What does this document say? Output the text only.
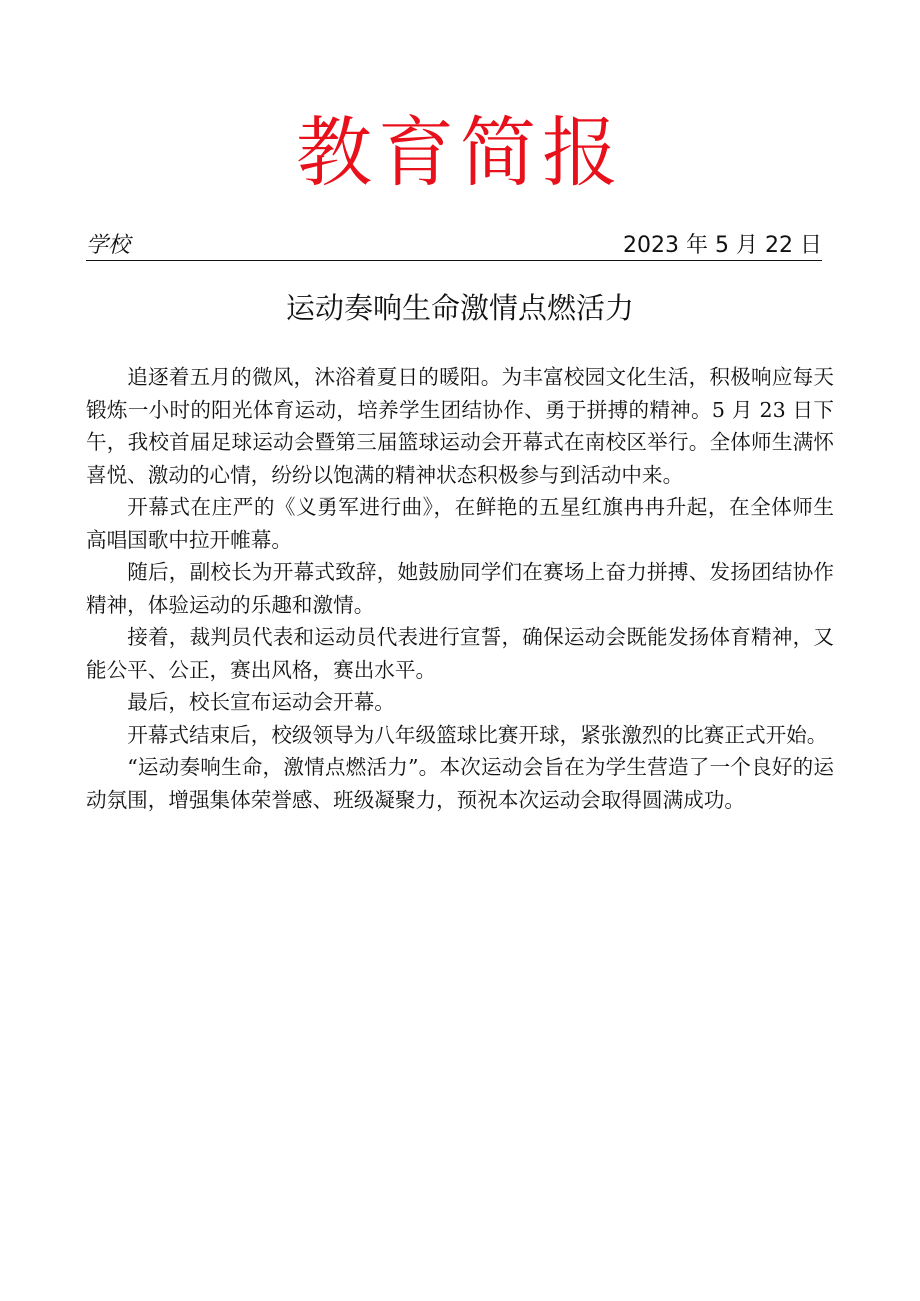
教育简报
学校	2023 年 5 月 22 日
运动奏响生命激情点燃活力

追逐着五月的微风，沐浴着夏日的暖阳。为丰富校园文化生活，积极响应每天锻炼一小时的阳光体育运动，培养学生团结协作、勇于拼搏的精神。5 月 23 日下午，我校首届足球运动会暨第三届篮球运动会开幕式在南校区举行。全体师生满怀喜悦、激动的心情，纷纷以饱满的精神状态积极参与到活动中来。

开幕式在庄严的《义勇军进行曲》，在鲜艳的五星红旗冉冉升起，在全体师生高唱国歌中拉开帷幕。

随后，副校长为开幕式致辞，她鼓励同学们在赛场上奋力拼搏、发扬团结协作精神，体验运动的乐趣和激情。

接着，裁判员代表和运动员代表进行宣誓，确保运动会既能发扬体育精神，又能公平、公正，赛出风格，赛出水平。

最后，校长宣布运动会开幕。

开幕式结束后，校级领导为八年级篮球比赛开球，紧张激烈的比赛正式开始。

“运动奏响生命，激情点燃活力”。本次运动会旨在为学生营造了一个良好的运动氛围，增强集体荣誉感、班级凝聚力，预祝本次运动会取得圆满成功。
